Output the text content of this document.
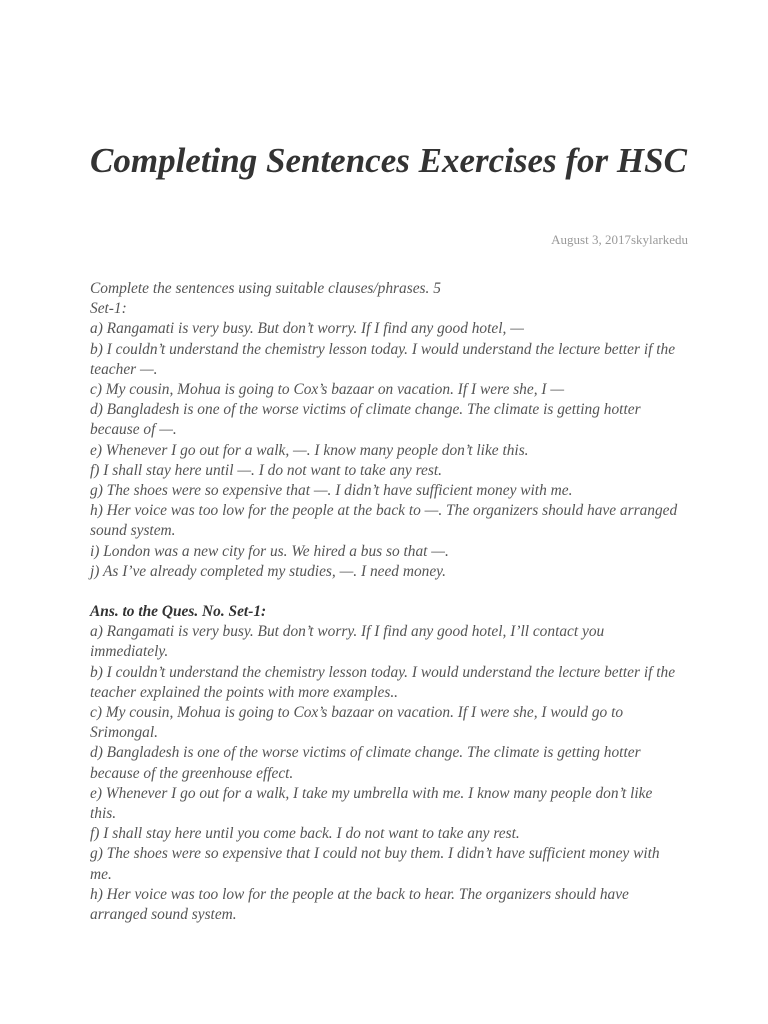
Completing Sentences Exercises for HSC
August 3, 2017skylarkedu

Complete the sentences using suitable clauses/phrases. 5

Set-1:

a) Rangamati is very busy. But don’t worry. If I find any good hotel, —

b) I couldn’t understand the chemistry lesson today. I would understand the lecture better if the teacher —.

c) My cousin, Mohua is going to Cox’s bazaar on vacation. If I were she, I —

d) Bangladesh is one of the worse victims of climate change. The climate is getting hotter because of —.

e) Whenever I go out for a walk, —. I know many people don’t like this.

f) I shall stay here until —. I do not want to take any rest.

g) The shoes were so expensive that —. I didn’t have sufficient money with me.

h) Her voice was too low for the people at the back to —. The organizers should have arranged sound system.

i) London was a new city for us. We hired a bus so that —.

j) As I’ve already completed my studies, —. I need money.

Ans. to the Ques. No. Set-1:

a) Rangamati is very busy. But don’t worry. If I find any good hotel, I’ll contact you immediately.

b) I couldn’t understand the chemistry lesson today. I would understand the lecture better if the teacher explained the points with more examples..

c) My cousin, Mohua is going to Cox’s bazaar on vacation. If I were she, I would go to Srimongal.

d) Bangladesh is one of the worse victims of climate change. The climate is getting hotter because of the greenhouse effect.

e) Whenever I go out for a walk, I take my umbrella with me. I know many people don’t like this.

f) I shall stay here until you come back. I do not want to take any rest.

g) The shoes were so expensive that I could not buy them. I didn’t have sufficient money with me.

h) Her voice was too low for the people at the back to hear. The organizers should have arranged sound system.
